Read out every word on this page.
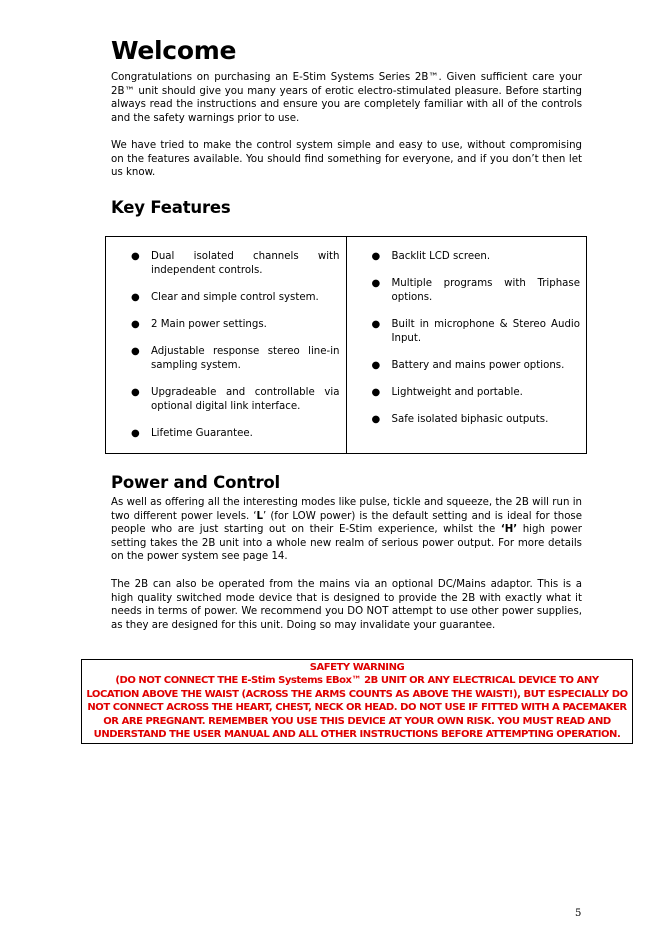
Welcome

Congratulations on purchasing an E-Stim Systems Series 2B™. Given sufficient care your 2B™ unit should give you many years of erotic electro-stimulated pleasure. Before starting always read the instructions and ensure you are completely familiar with all of the controls and the safety warnings prior to use.

We have tried to make the control system simple and easy to use, without compromising on the features available. You should find something for everyone, and if you don’t then let us know.

Key Features
● Dual isolated channels with independent controls.
● Clear and simple control system.
● 2 Main power settings.
● Adjustable response stereo line-in sampling system.
● Upgradeable and controllable via optional digital link interface.
● Lifetime Guarantee.
● Backlit LCD screen.
● Multiple programs with Triphase options.
● Built in microphone & Stereo Audio Input.
● Battery and mains power options.
● Lightweight and portable.
● Safe isolated biphasic outputs.
Power and Control

As well as offering all the interesting modes like pulse, tickle and squeeze, the 2B will run in two different power levels. ‘L’ (for LOW power) is the default setting and is ideal for those people who are just starting out on their E-Stim experience, whilst the ‘H’ high power setting takes the 2B unit into a whole new realm of serious power output. For more details on the power system see page 14.

The 2B can also be operated from the mains via an optional DC/Mains adaptor. This is a high quality switched mode device that is designed to provide the 2B with exactly what it needs in terms of power. We recommend you DO NOT attempt to use other power supplies, as they are designed for this unit. Doing so may invalidate your guarantee.

SAFETY WARNING
(DO NOT CONNECT THE E-Stim Systems EBox™ 2B UNIT OR ANY ELECTRICAL DEVICE TO ANY
LOCATION ABOVE THE WAIST (ACROSS THE ARMS COUNTS AS ABOVE THE WAIST!), BUT ESPECIALLY DO
NOT CONNECT ACROSS THE HEART, CHEST, NECK OR HEAD. DO NOT USE IF FITTED WITH A PACEMAKER
OR ARE PREGNANT. REMEMBER YOU USE THIS DEVICE AT YOUR OWN RISK. YOU MUST READ AND
UNDERSTAND THE USER MANUAL AND ALL OTHER INSTRUCTIONS BEFORE ATTEMPTING OPERATION.
5
